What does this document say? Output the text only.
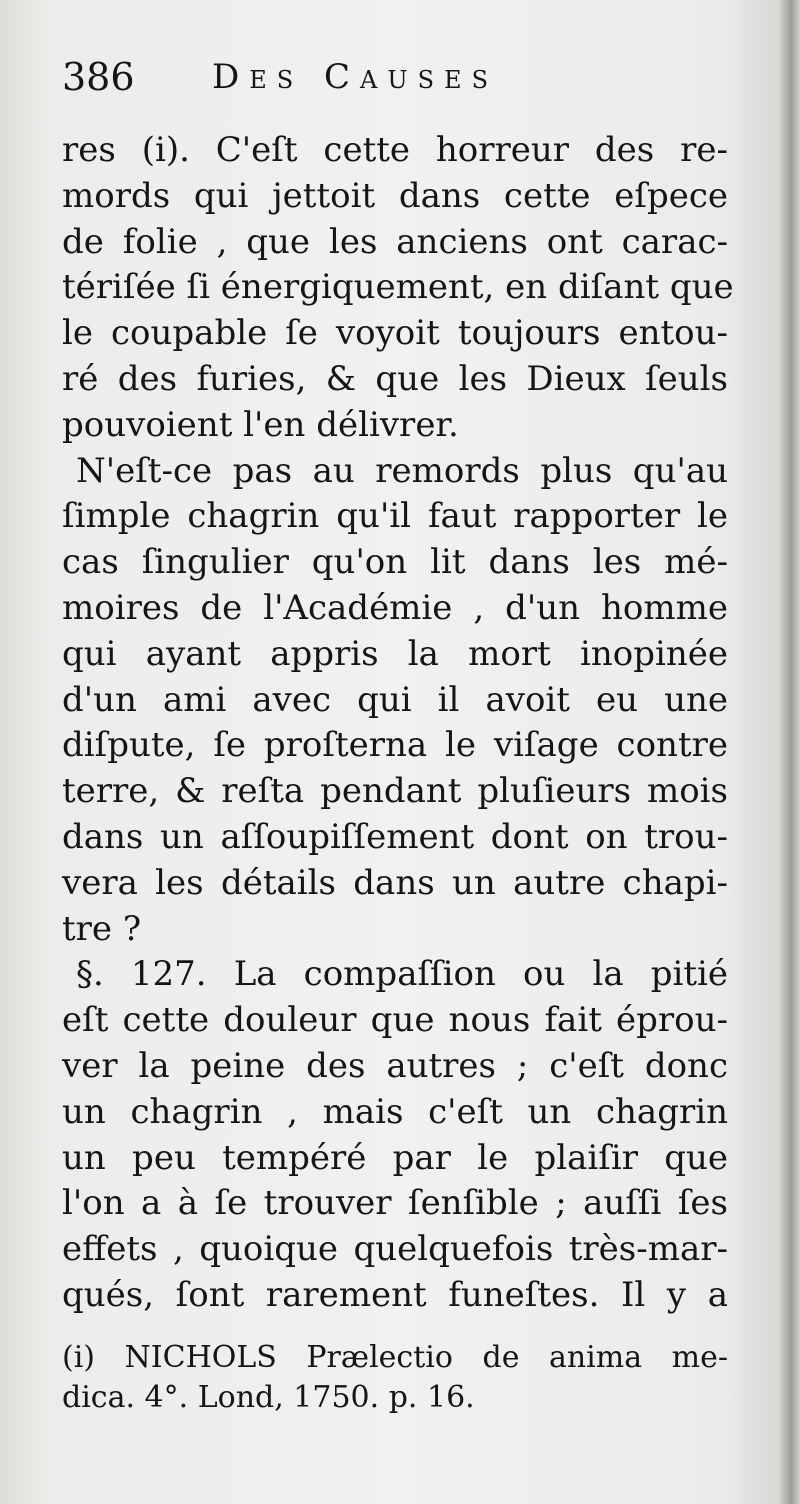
386 Des Causes
res (i). C'eſt cette horreur des re-
mords qui jettoit dans cette eſpece
de folie , que les anciens ont carac-
tériſée ſi énergiquement, en diſant que
le coupable ſe voyoit toujours entou-
ré des furies, & que les Dieux ſeuls
pouvoient l'en délivrer.
N'eſt-ce pas au remords plus qu'au
ſimple chagrin qu'il faut rapporter le
cas ſingulier qu'on lit dans les mé-
moires de l'Académie , d'un homme
qui ayant appris la mort inopinée
d'un ami avec qui il avoit eu une
diſpute, ſe proſterna le viſage contre
terre, & reſta pendant pluſieurs mois
dans un aſſoupiſſement dont on trou-
vera les détails dans un autre chapi-
tre ?
§. 127. La compaſſion ou la pitié
eſt cette douleur que nous fait éprou-
ver la peine des autres ; c'eſt donc
un chagrin , mais c'eſt un chagrin
un peu tempéré par le plaiſir que
l'on a à ſe trouver ſenſible ; auſſi ſes
effets , quoique quelquefois très-mar-
qués, ſont rarement funeſtes. Il y a
(i) NICHOLS Prælectio de anima me-
dica. 4°. Lond, 1750. p. 16.
